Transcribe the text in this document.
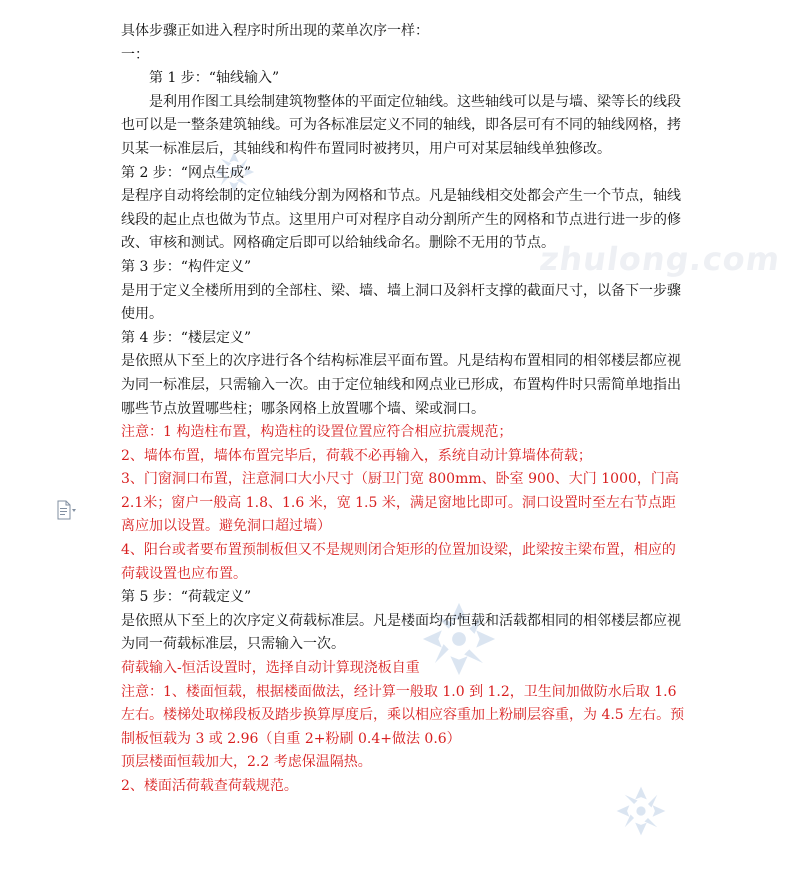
zhulong.com

具体步骤正如进入程序时所出现的菜单次序一样：

一：

第 1 步：“轴线输入”

是利用作图工具绘制建筑物整体的平面定位轴线。这些轴线可以是与墙、梁等长的线段也可以是一整条建筑轴线。可为各标准层定义不同的轴线，即各层可有不同的轴线网格，拷贝某一标准层后，其轴线和构件布置同时被拷贝，用户可对某层轴线单独修改。

第 2 步：“网点生成”

是程序自动将绘制的定位轴线分割为网格和节点。凡是轴线相交处都会产生一个节点，轴线线段的起止点也做为节点。这里用户可对程序自动分割所产生的网格和节点进行进一步的修改、审核和测试。网格确定后即可以给轴线命名。删除不无用的节点。

第 3 步：“构件定义”

是用于定义全楼所用到的全部柱、梁、墙、墙上洞口及斜杆支撑的截面尺寸，以备下一步骤使用。

第 4 步：“楼层定义”

是依照从下至上的次序进行各个结构标准层平面布置。凡是结构布置相同的相邻楼层都应视为同一标准层，只需输入一次。由于定位轴线和网点业已形成，布置构件时只需简单地指出哪些节点放置哪些柱；哪条网格上放置哪个墙、梁或洞口。

注意：1 构造柱布置，构造柱的设置位置应符合相应抗震规范；

2、墙体布置，墙体布置完毕后，荷载不必再输入，系统自动计算墙体荷载；

3、门窗洞口布置，注意洞口大小尺寸（厨卫门宽 800mm、卧室 900、大门 1000，门高 2.1米；窗户一般高 1.8、1.6 米，宽 1.5 米，满足窗地比即可。洞口设置时至左右节点距离应加以设置。避免洞口超过墙）

4、阳台或者要布置预制板但又不是规则闭合矩形的位置加设梁，此梁按主梁布置，相应的荷载设置也应布置。

第 5 步：“荷载定义”

是依照从下至上的次序定义荷载标准层。凡是楼面均布恒载和活载都相同的相邻楼层都应视为同一荷载标准层，只需输入一次。

荷载输入-恒活设置时，选择自动计算现浇板自重

注意：1、楼面恒载，根据楼面做法，经计算一般取 1.0 到 1.2，卫生间加做防水后取 1.6左右。楼梯处取梯段板及踏步换算厚度后，乘以相应容重加上粉刷层容重，为 4.5 左右。预制板恒载为 3 或 2.96（自重 2+粉刷 0.4+做法 0.6）

顶层楼面恒载加大，2.2 考虑保温隔热。

2、楼面活荷载查荷载规范。
